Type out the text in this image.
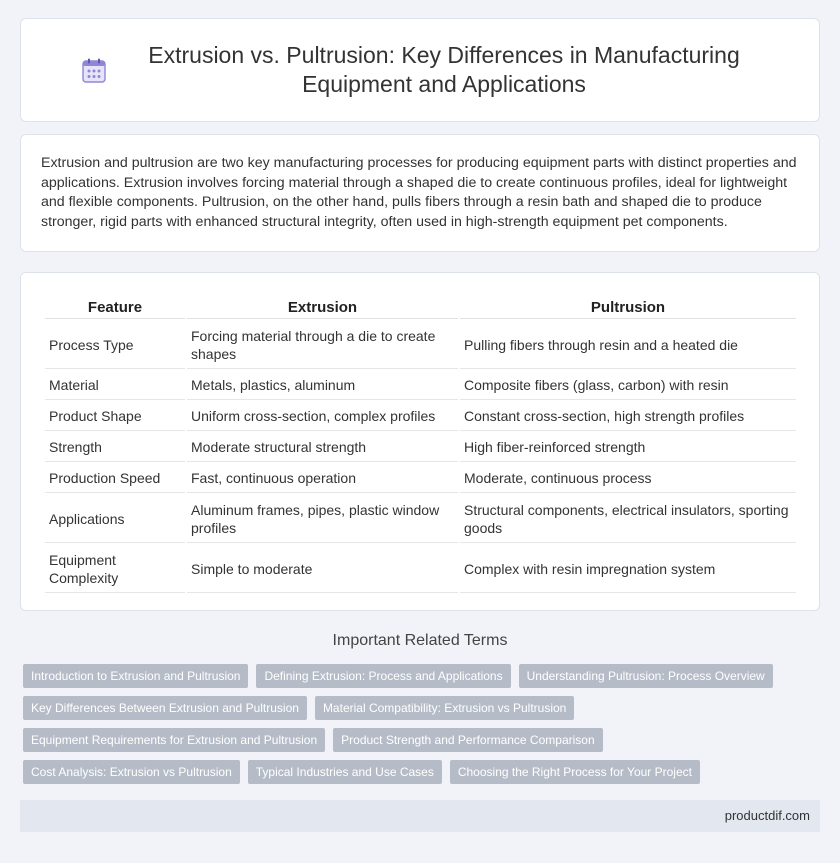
Extrusion vs. Pultrusion: Key Differences in Manufacturing Equipment and Applications

Extrusion and pultrusion are two key manufacturing processes for producing equipment parts with distinct properties and applications. Extrusion involves forcing material through a shaped die to create continuous profiles, ideal for lightweight and flexible components. Pultrusion, on the other hand, pulls fibers through a resin bath and shaped die to produce stronger, rigid parts with enhanced structural integrity, often used in high-strength equipment pet components.

Feature	Extrusion	Pultrusion
Process Type	Forcing material through a die to create shapes	Pulling fibers through resin and a heated die
Material	Metals, plastics, aluminum	Composite fibers (glass, carbon) with resin
Product Shape	Uniform cross-section, complex profiles	Constant cross-section, high strength profiles
Strength	Moderate structural strength	High fiber-reinforced strength
Production Speed	Fast, continuous operation	Moderate, continuous process
Applications	Aluminum frames, pipes, plastic window profiles	Structural components, electrical insulators, sporting goods
Equipment Complexity	Simple to moderate	Complex with resin impregnation system
Important Related Terms
Introduction to Extrusion and Pultrusion	Defining Extrusion: Process and Applications	Understanding Pultrusion: Process Overview
Key Differences Between Extrusion and Pultrusion	Material Compatibility: Extrusion vs Pultrusion
Equipment Requirements for Extrusion and Pultrusion	Product Strength and Performance Comparison
Cost Analysis: Extrusion vs Pultrusion	Typical Industries and Use Cases	Choosing the Right Process for Your Project
productdif.com
